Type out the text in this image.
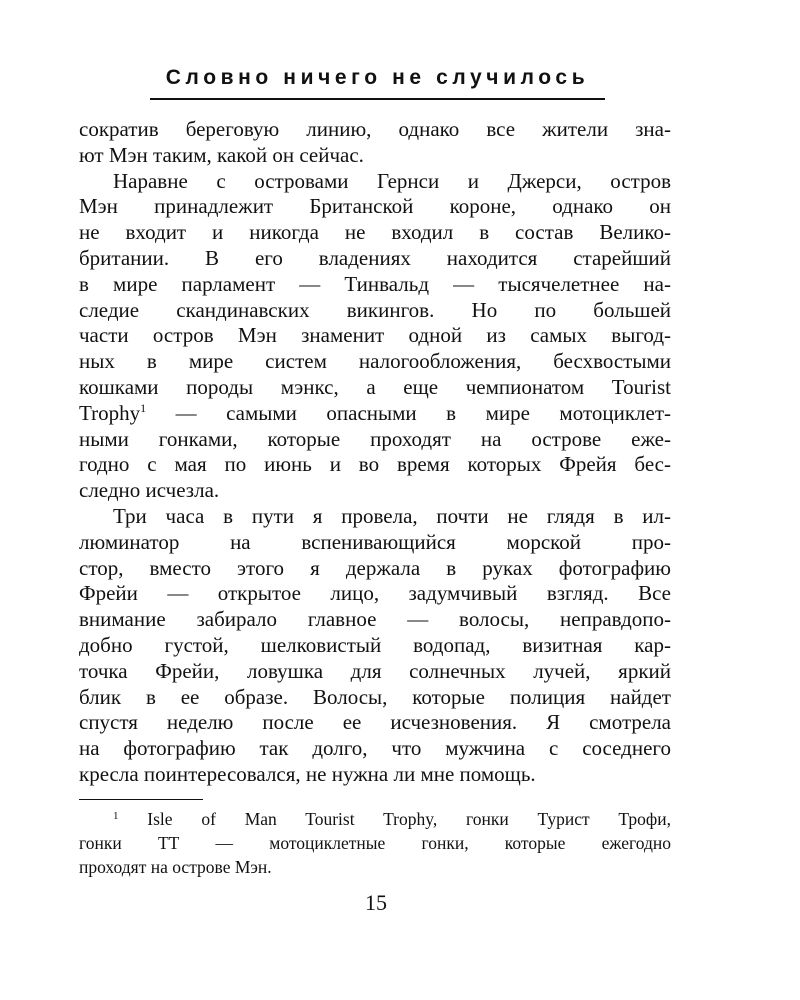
Словно ничего не случилось
сократив береговую линию, однако все жители зна-
ют Мэн таким, какой он сейчас.
Наравне с островами Гернси и Джерси, остров
Мэн принадлежит Британской короне, однако он
не входит и никогда не входил в состав Велико-
британии. В его владениях находится старейший
в мире парламент — Тинвальд — тысячелетнее на-
следие скандинавских викингов. Но по большей
части остров Мэн знаменит одной из самых выгод-
ных в мире систем налогообложения, бесхвостыми
кошками породы мэнкс, а еще чемпионатом Tourist
Trophy$^1$ — самыми опасными в мире мотоциклет-
ными гонками, которые проходят на острове еже-
годно с мая по июнь и во время которых Фрейя бес-
следно исчезла.
Три часа в пути я провела, почти не глядя в ил-
люминатор на вспенивающийся морской про-
стор, вместо этого я держала в руках фотографию
Фрейи — открытое лицо, задумчивый взгляд. Все
внимание забирало главное — волосы, неправдопо-
добно густой, шелковистый водопад, визитная кар-
точка Фрейи, ловушка для солнечных лучей, яркий
блик в ее образе. Волосы, которые полиция найдет
спустя неделю после ее исчезновения. Я смотрела
на фотографию так долго, что мужчина с соседнего
кресла поинтересовался, не нужна ли мне помощь.
$^1$ Isle of Man Tourist Trophy, гонки Турист Трофи,
гонки ТТ — мотоциклетные гонки, которые ежегодно
проходят на острове Мэн.
15
